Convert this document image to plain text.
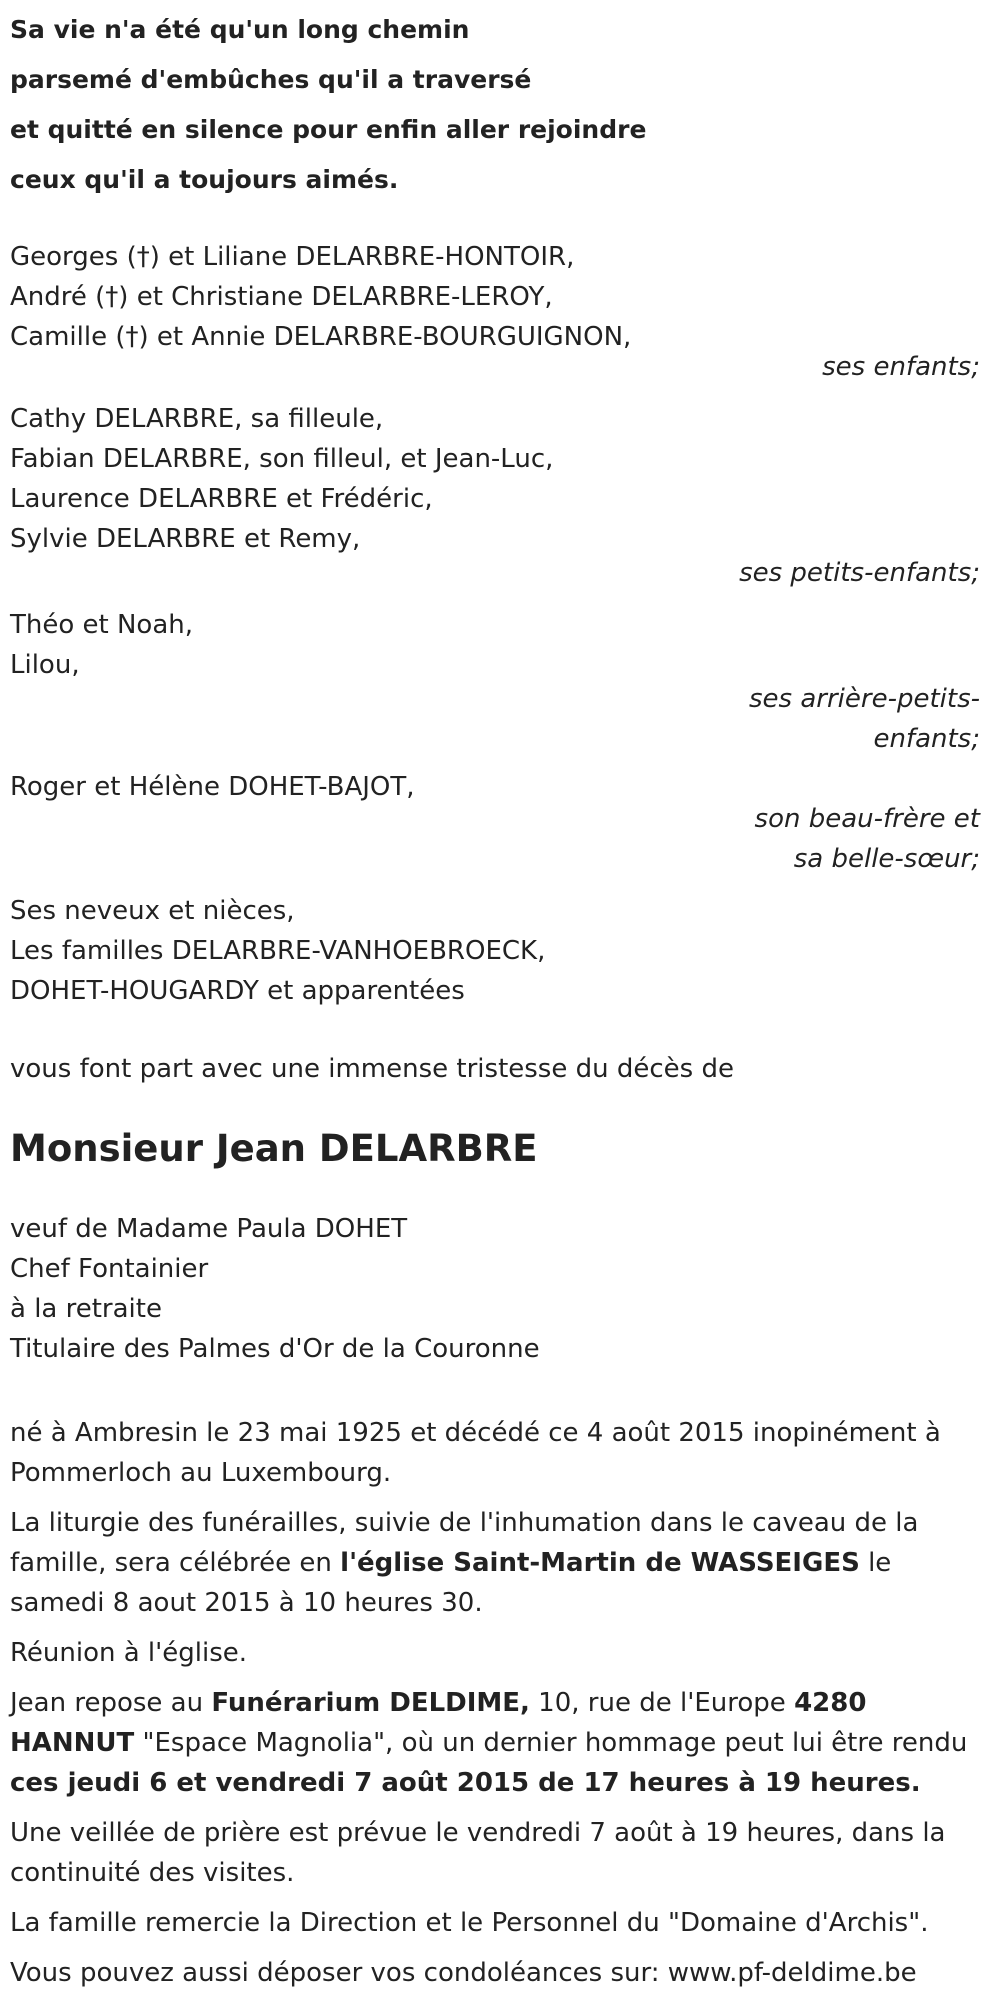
Sa vie n'a été qu'un long chemin
parsemé d'embûches qu'il a traversé
et quitté en silence pour enfin aller rejoindre
ceux qu'il a toujours aimés.
Georges (†) et Liliane DELARBRE-HONTOIR,
André (†) et Christiane DELARBRE-LEROY,
Camille (†) et Annie DELARBRE-BOURGUIGNON,
ses enfants;
Cathy DELARBRE, sa filleule,
Fabian DELARBRE, son filleul, et Jean-Luc,
Laurence DELARBRE et Frédéric,
Sylvie DELARBRE et Remy,
ses petits-enfants;
Théo et Noah,
Lilou,
ses arrière-petits-enfants;
Roger et Hélène DOHET-BAJOT,
son beau-frère et sa belle-sœur;
Ses neveux et nièces,
Les familles DELARBRE-VANHOEBROECK,
DOHET-HOUGARDY et apparentées
vous font part avec une immense tristesse du décès de
Monsieur Jean DELARBRE
veuf de Madame Paula DOHET
Chef Fontainier
à la retraite
Titulaire des Palmes d'Or de la Couronne
né à Ambresin le 23 mai 1925 et décédé ce 4 août 2015 inopinément à Pommerloch au Luxembourg.
La liturgie des funérailles, suivie de l'inhumation dans le caveau de la famille, sera célébrée en l'église Saint-Martin de WASSEIGES le samedi 8 aout 2015 à 10 heures 30.
Réunion à l'église.
Jean repose au Funérarium DELDIME, 10, rue de l'Europe 4280 HANNUT "Espace Magnolia", où un dernier hommage peut lui être rendu ces jeudi 6 et vendredi 7 août 2015 de 17 heures à 19 heures.
Une veillée de prière est prévue le vendredi 7 août à 19 heures, dans la continuité des visites.
La famille remercie la Direction et le Personnel du "Domaine d'Archis".
Vous pouvez aussi déposer vos condoléances sur: www.pf-deldime.be
